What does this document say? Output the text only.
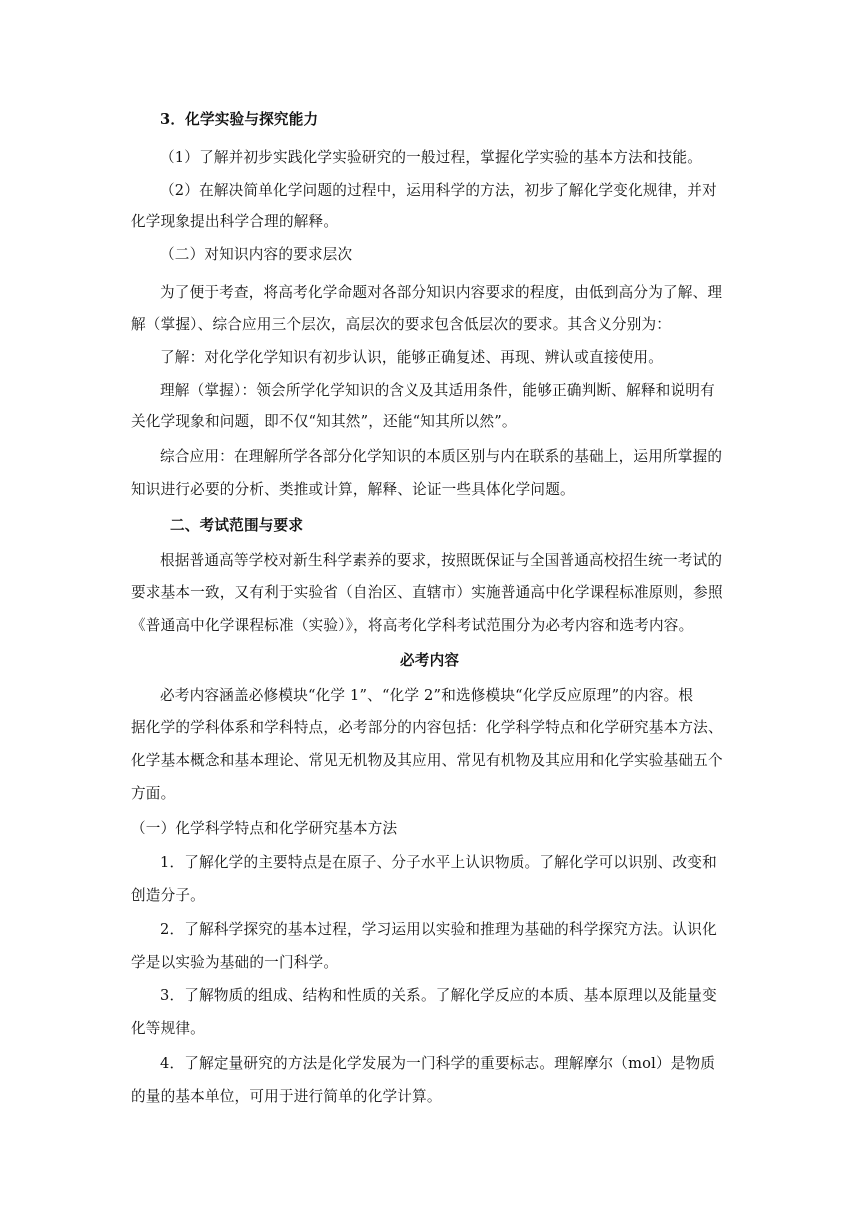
3．化学实验与探究能力
（1）了解并初步实践化学实验研究的一般过程，掌握化学实验的基本方法和技能。
（2）在解决简单化学问题的过程中，运用科学的方法，初步了解化学变化规律，并对
化学现象提出科学合理的解释。
（二）对知识内容的要求层次
为了便于考查，将高考化学命题对各部分知识内容要求的程度，由低到高分为了解、理
解（掌握）、综合应用三个层次，高层次的要求包含低层次的要求。其含义分别为：
了解：对化学化学知识有初步认识，能够正确复述、再现、辨认或直接使用。
理解（掌握）：领会所学化学知识的含义及其适用条件，能够正确判断、解释和说明有
关化学现象和问题，即不仅“知其然”，还能“知其所以然”。
综合应用：在理解所学各部分化学知识的本质区别与内在联系的基础上，运用所掌握的
知识进行必要的分析、类推或计算，解释、论证一些具体化学问题。
二、考试范围与要求
根据普通高等学校对新生科学素养的要求，按照既保证与全国普通高校招生统一考试的
要求基本一致，又有利于实验省（自治区、直辖市）实施普通高中化学课程标准原则，参照
《普通高中化学课程标准（实验）》，将高考化学科考试范围分为必考内容和选考内容。
必考内容
必考内容涵盖必修模块“化学 1”、“化学 2”和选修模块“化学反应原理”的内容。根
据化学的学科体系和学科特点，必考部分的内容包括：化学科学特点和化学研究基本方法、
化学基本概念和基本理论、常见无机物及其应用、常见有机物及其应用和化学实验基础五个
方面。
（一）化学科学特点和化学研究基本方法
1．了解化学的主要特点是在原子、分子水平上认识物质。了解化学可以识别、改变和
创造分子。
2．了解科学探究的基本过程，学习运用以实验和推理为基础的科学探究方法。认识化
学是以实验为基础的一门科学。
3．了解物质的组成、结构和性质的关系。了解化学反应的本质、基本原理以及能量变
化等规律。
4．了解定量研究的方法是化学发展为一门科学的重要标志。理解摩尔（mol）是物质
的量的基本单位，可用于进行简单的化学计算。
